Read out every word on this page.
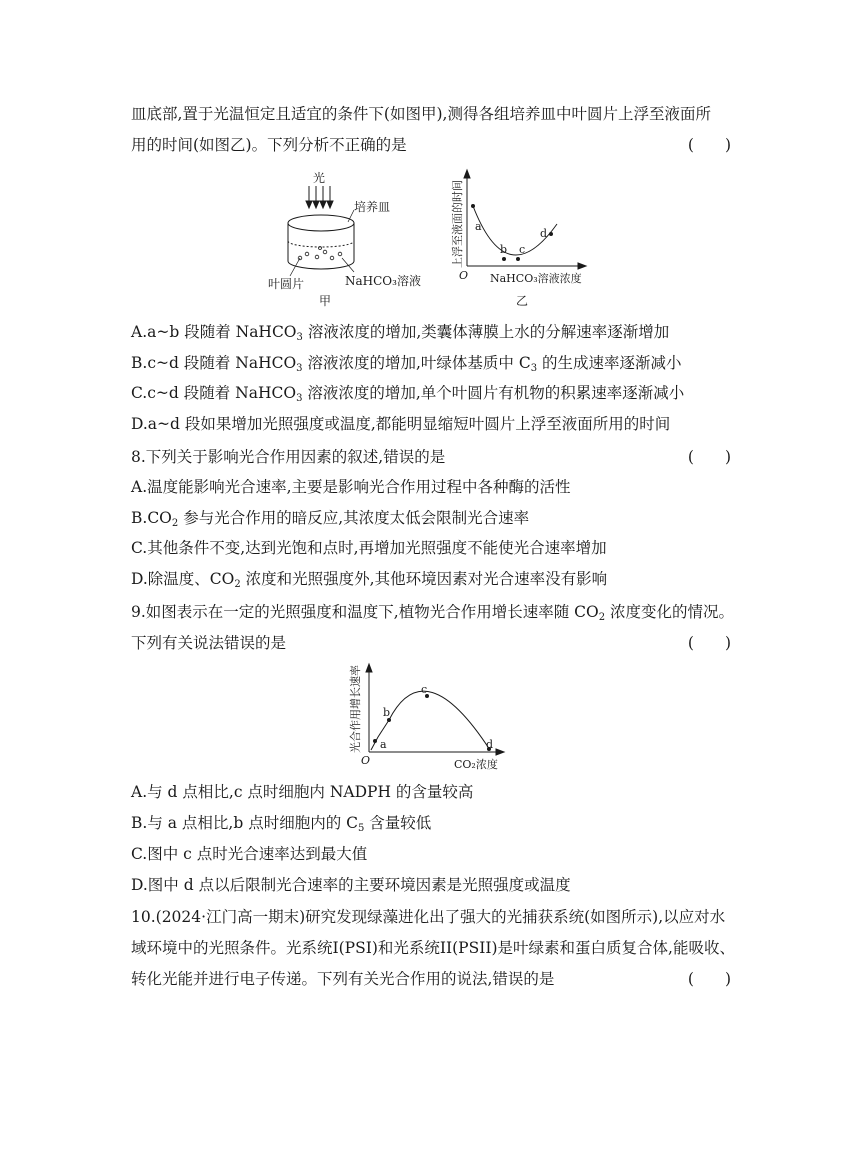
皿底部,置于光温恒定且适宜的条件下(如图甲),测得各组培养皿中叶圆片上浮至液面所
用的时间(如图乙)。下列分析不正确的是	(　　)
光
培养皿
叶圆片	NaHCO₃溶液
甲
上浮至液面的时间 a
b c
d
O NaHCO₃溶液浓度
乙
A.a~b 段随着 NaHCO$_3$ 溶液浓度的增加,类囊体薄膜上水的分解速率逐渐增加
B.c~d 段随着 NaHCO$_3$ 溶液浓度的增加,叶绿体基质中 $C_3$ 的生成速率逐渐减小
C.c~d 段随着 NaHCO$_3$ 溶液浓度的增加,单个叶圆片有机物的积累速率逐渐减小
D.a~d 段如果增加光照强度或温度,都能明显缩短叶圆片上浮至液面所用的时间
8.下列关于影响光合作用因素的叙述,错误的是	(　　)
A.温度能影响光合速率,主要是影响光合作用过程中各种酶的活性
$B.CO_2$ 参与光合作用的暗反应,其浓度太低会限制光合速率
C.其他条件不变,达到光饱和点时,再增加光照强度不能使光合速率增加
D.除温度、$CO_2$ 浓度和光照强度外,其他环境因素对光合速率没有影响
9.如图表示在一定的光照强度和温度下,植物光合作用增长速率随 $CO_2$ 浓度变化的情况。
下列有关说法错误的是	(　　)
光合作用增长速率 a
b
c
d
O	CO₂浓度
A.与 d 点相比,c 点时细胞内 NADPH 的含量较高
B.与 a 点相比,b 点时细胞内的 $C_5$ 含量较低
C.图中 c 点时光合速率达到最大值
D.图中 d 点以后限制光合速率的主要环境因素是光照强度或温度
10.(2024·江门高一期末)研究发现绿藻进化出了强大的光捕获系统(如图所示),以应对水
域环境中的光照条件。光系统I(PSI)和光系统II(PSII)是叶绿素和蛋白质复合体,能吸收、
转化光能并进行电子传递。下列有关光合作用的说法,错误的是	(　　)
